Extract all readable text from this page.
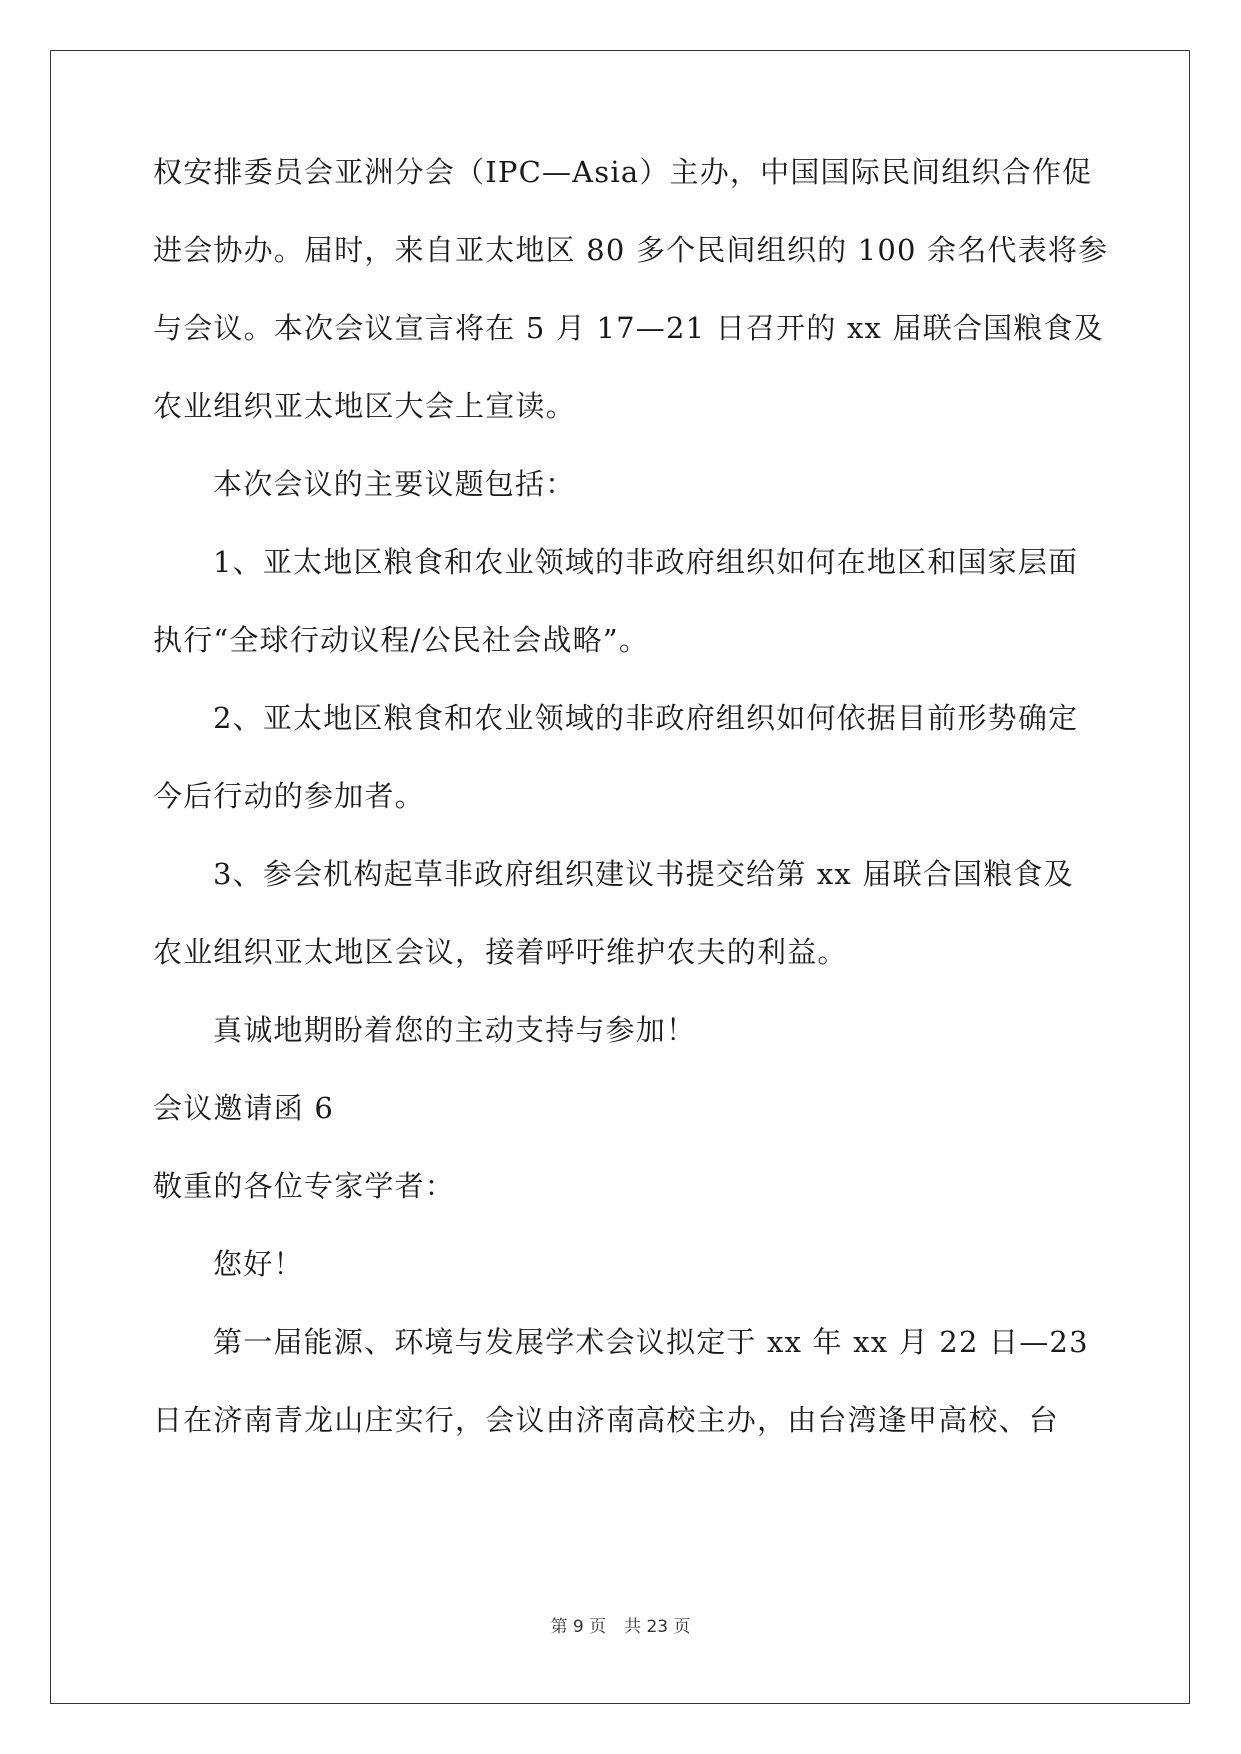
权安排委员会亚洲分会（IPC—Asia）主办，中国国际民间组织合作促
进会协办。届时，来自亚太地区 80 多个民间组织的 100 余名代表将参
与会议。本次会议宣言将在 5 月 17—21 日召开的 xx 届联合国粮食及
农业组织亚太地区大会上宣读。
本次会议的主要议题包括：
1、亚太地区粮食和农业领域的非政府组织如何在地区和国家层面
执行“全球行动议程/公民社会战略”。
2、亚太地区粮食和农业领域的非政府组织如何依据目前形势确定
今后行动的参加者。
3、参会机构起草非政府组织建议书提交给第 xx 届联合国粮食及
农业组织亚太地区会议，接着呼吁维护农夫的利益。
真诚地期盼着您的主动支持与参加！
会议邀请函 6
敬重的各位专家学者：
您好！
第一届能源、环境与发展学术会议拟定于 xx 年 xx 月 22 日—23
日在济南青龙山庄实行，会议由济南高校主办，由台湾逢甲高校、台
第 9 页 共 23 页
